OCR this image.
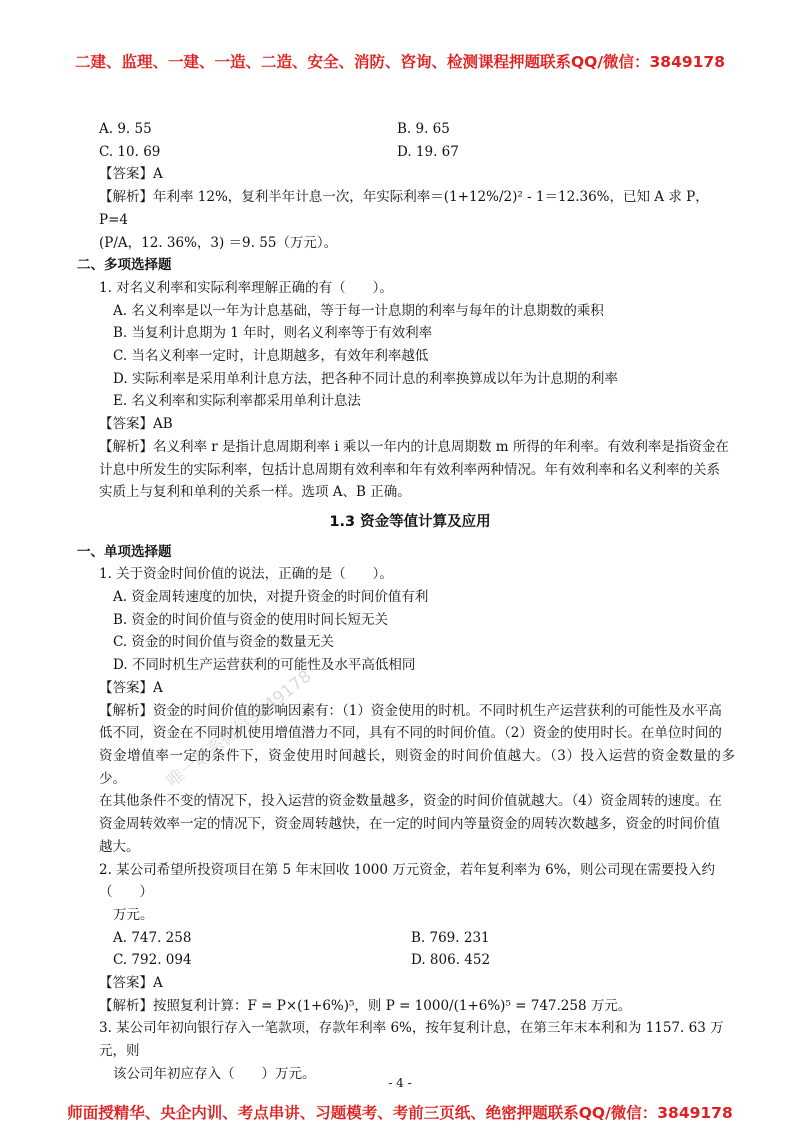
二建、监理、一建、一造、二造、安全、消防、咨询、检测课程押题联系QQ/微信：3849178
A. 9. 55	B. 9. 65
C. 10. 69	D. 19. 67
【答案】A
【解析】年利率 12%，复利半年计息一次，年实际利率＝(1+12%/2)² - 1＝12.36%，已知 A 求 P，P=4
(P/A，12. 36%，3) ＝9. 55（万元）。
二、多项选择题
1. 对名义利率和实际利率理解正确的有（　　）。
A. 名义利率是以一年为计息基础，等于每一计息期的利率与每年的计息期数的乘积
B. 当复利计息期为 1 年时，则名义利率等于有效利率
C. 当名义利率一定时，计息期越多，有效年利率越低
D. 实际利率是采用单利计息方法，把各种不同计息的利率换算成以年为计息期的利率
E. 名义利率和实际利率都采用单利计息法
【答案】AB
【解析】名义利率 r 是指计息周期利率 i 乘以一年内的计息周期数 m 所得的年利率。有效利率是指资金在
计息中所发生的实际利率，包括计息周期有效利率和年有效利率两种情况。年有效利率和名义利率的关系
实质上与复利和单利的关系一样。选项 A、B 正确。
1.3 资金等值计算及应用
一、单项选择题
1. 关于资金时间价值的说法，正确的是（　　）。
A. 资金周转速度的加快，对提升资金的时间价值有利
B. 资金的时间价值与资金的使用时间长短无关
C. 资金的时间价值与资金的数量无关
D. 不同时机生产运营获利的可能性及水平高低相同
【答案】A
【解析】资金的时间价值的影响因素有：（1）资金使用的时机。不同时机生产运营获利的可能性及水平高
低不同，资金在不同时机使用增值潜力不同，具有不同的时间价值。（2）资金的使用时长。在单位时间的
资金增值率一定的条件下，资金使用时间越长，则资金的时间价值越大。（3）投入运营的资金数量的多少。
在其他条件不变的情况下，投入运营的资金数量越多，资金的时间价值就越大。（4）资金周转的速度。在
资金周转效率一定的情况下，资金周转越快，在一定的时间内等量资金的周转次数越多，资金的时间价值
越大。
2. 某公司希望所投资项目在第 5 年末回收 1000 万元资金，若年复利率为 6%，则公司现在需要投入约（　　）
万元。
A. 747. 258	B. 769. 231
C. 792. 094	D. 806. 452
【答案】A
【解析】按照复利计算：F = P×(1+6%)⁵，则 P = 1000/(1+6%)⁵ = 747.258 万元。
3. 某公司年初向银行存入一笔款项，存款年利率 6%，按年复利计息，在第三年末本利和为 1157. 63 万元，则
该公司年初应存入（　　）万元。
唯一联系微信3849178
- 4 -
师面授精华、央企内训、考点串讲、习题模考、考前三页纸、绝密押题联系QQ/微信：3849178
